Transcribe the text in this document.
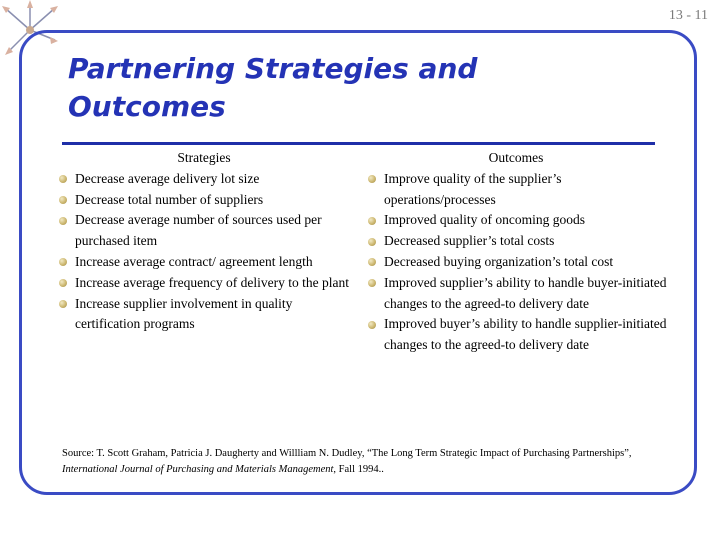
13 - 11
Partnering Strategies and Outcomes
Strategies
Decrease average delivery lot size
Decrease total number of suppliers
Decrease average number of sources used per purchased item
Increase average contract/ agreement length
Increase average frequency of delivery to the plant
Increase supplier involvement in quality certification programs
Outcomes
Improve quality of the supplier’s operations/processes
Improved quality of oncoming goods
Decreased supplier’s total costs
Decreased buying organization’s total cost
Improved supplier’s ability to handle buyer-initiated changes to the agreed-to delivery date
Improved buyer’s ability to handle supplier-initiated changes to the agreed-to delivery date
Source: T. Scott Graham, Patricia J. Daugherty and Willliam N. Dudley, “The Long Term Strategic Impact of Purchasing Partnerships”, International Journal of Purchasing and Materials Management, Fall 1994..
